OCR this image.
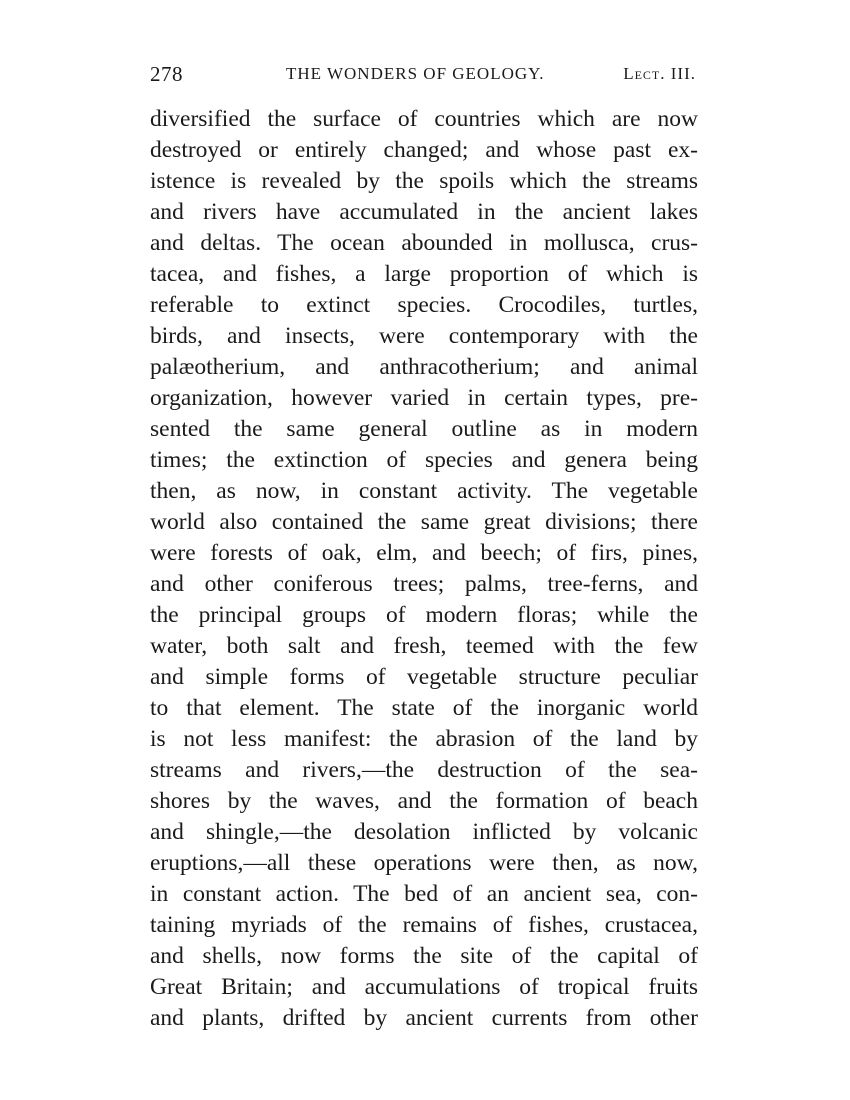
278	THE WONDERS OF GEOLOGY.	Lect. III.
diversified the surface of countries which are now
destroyed or entirely changed; and whose past ex-
istence is revealed by the spoils which the streams
and rivers have accumulated in the ancient lakes
and deltas. The ocean abounded in mollusca, crus-
tacea, and fishes, a large proportion of which is
referable to extinct species. Crocodiles, turtles,
birds, and insects, were contemporary with the
palæotherium, and anthracotherium; and animal
organization, however varied in certain types, pre-
sented the same general outline as in modern
times; the extinction of species and genera being
then, as now, in constant activity. The vegetable
world also contained the same great divisions; there
were forests of oak, elm, and beech; of firs, pines,
and other coniferous trees; palms, tree-ferns, and
the principal groups of modern floras; while the
water, both salt and fresh, teemed with the few
and simple forms of vegetable structure peculiar
to that element. The state of the inorganic world
is not less manifest: the abrasion of the land by
streams and rivers,—the destruction of the sea-
shores by the waves, and the formation of beach
and shingle,—the desolation inflicted by volcanic
eruptions,—all these operations were then, as now,
in constant action. The bed of an ancient sea, con-
taining myriads of the remains of fishes, crustacea,
and shells, now forms the site of the capital of
Great Britain; and accumulations of tropical fruits
and plants, drifted by ancient currents from other
